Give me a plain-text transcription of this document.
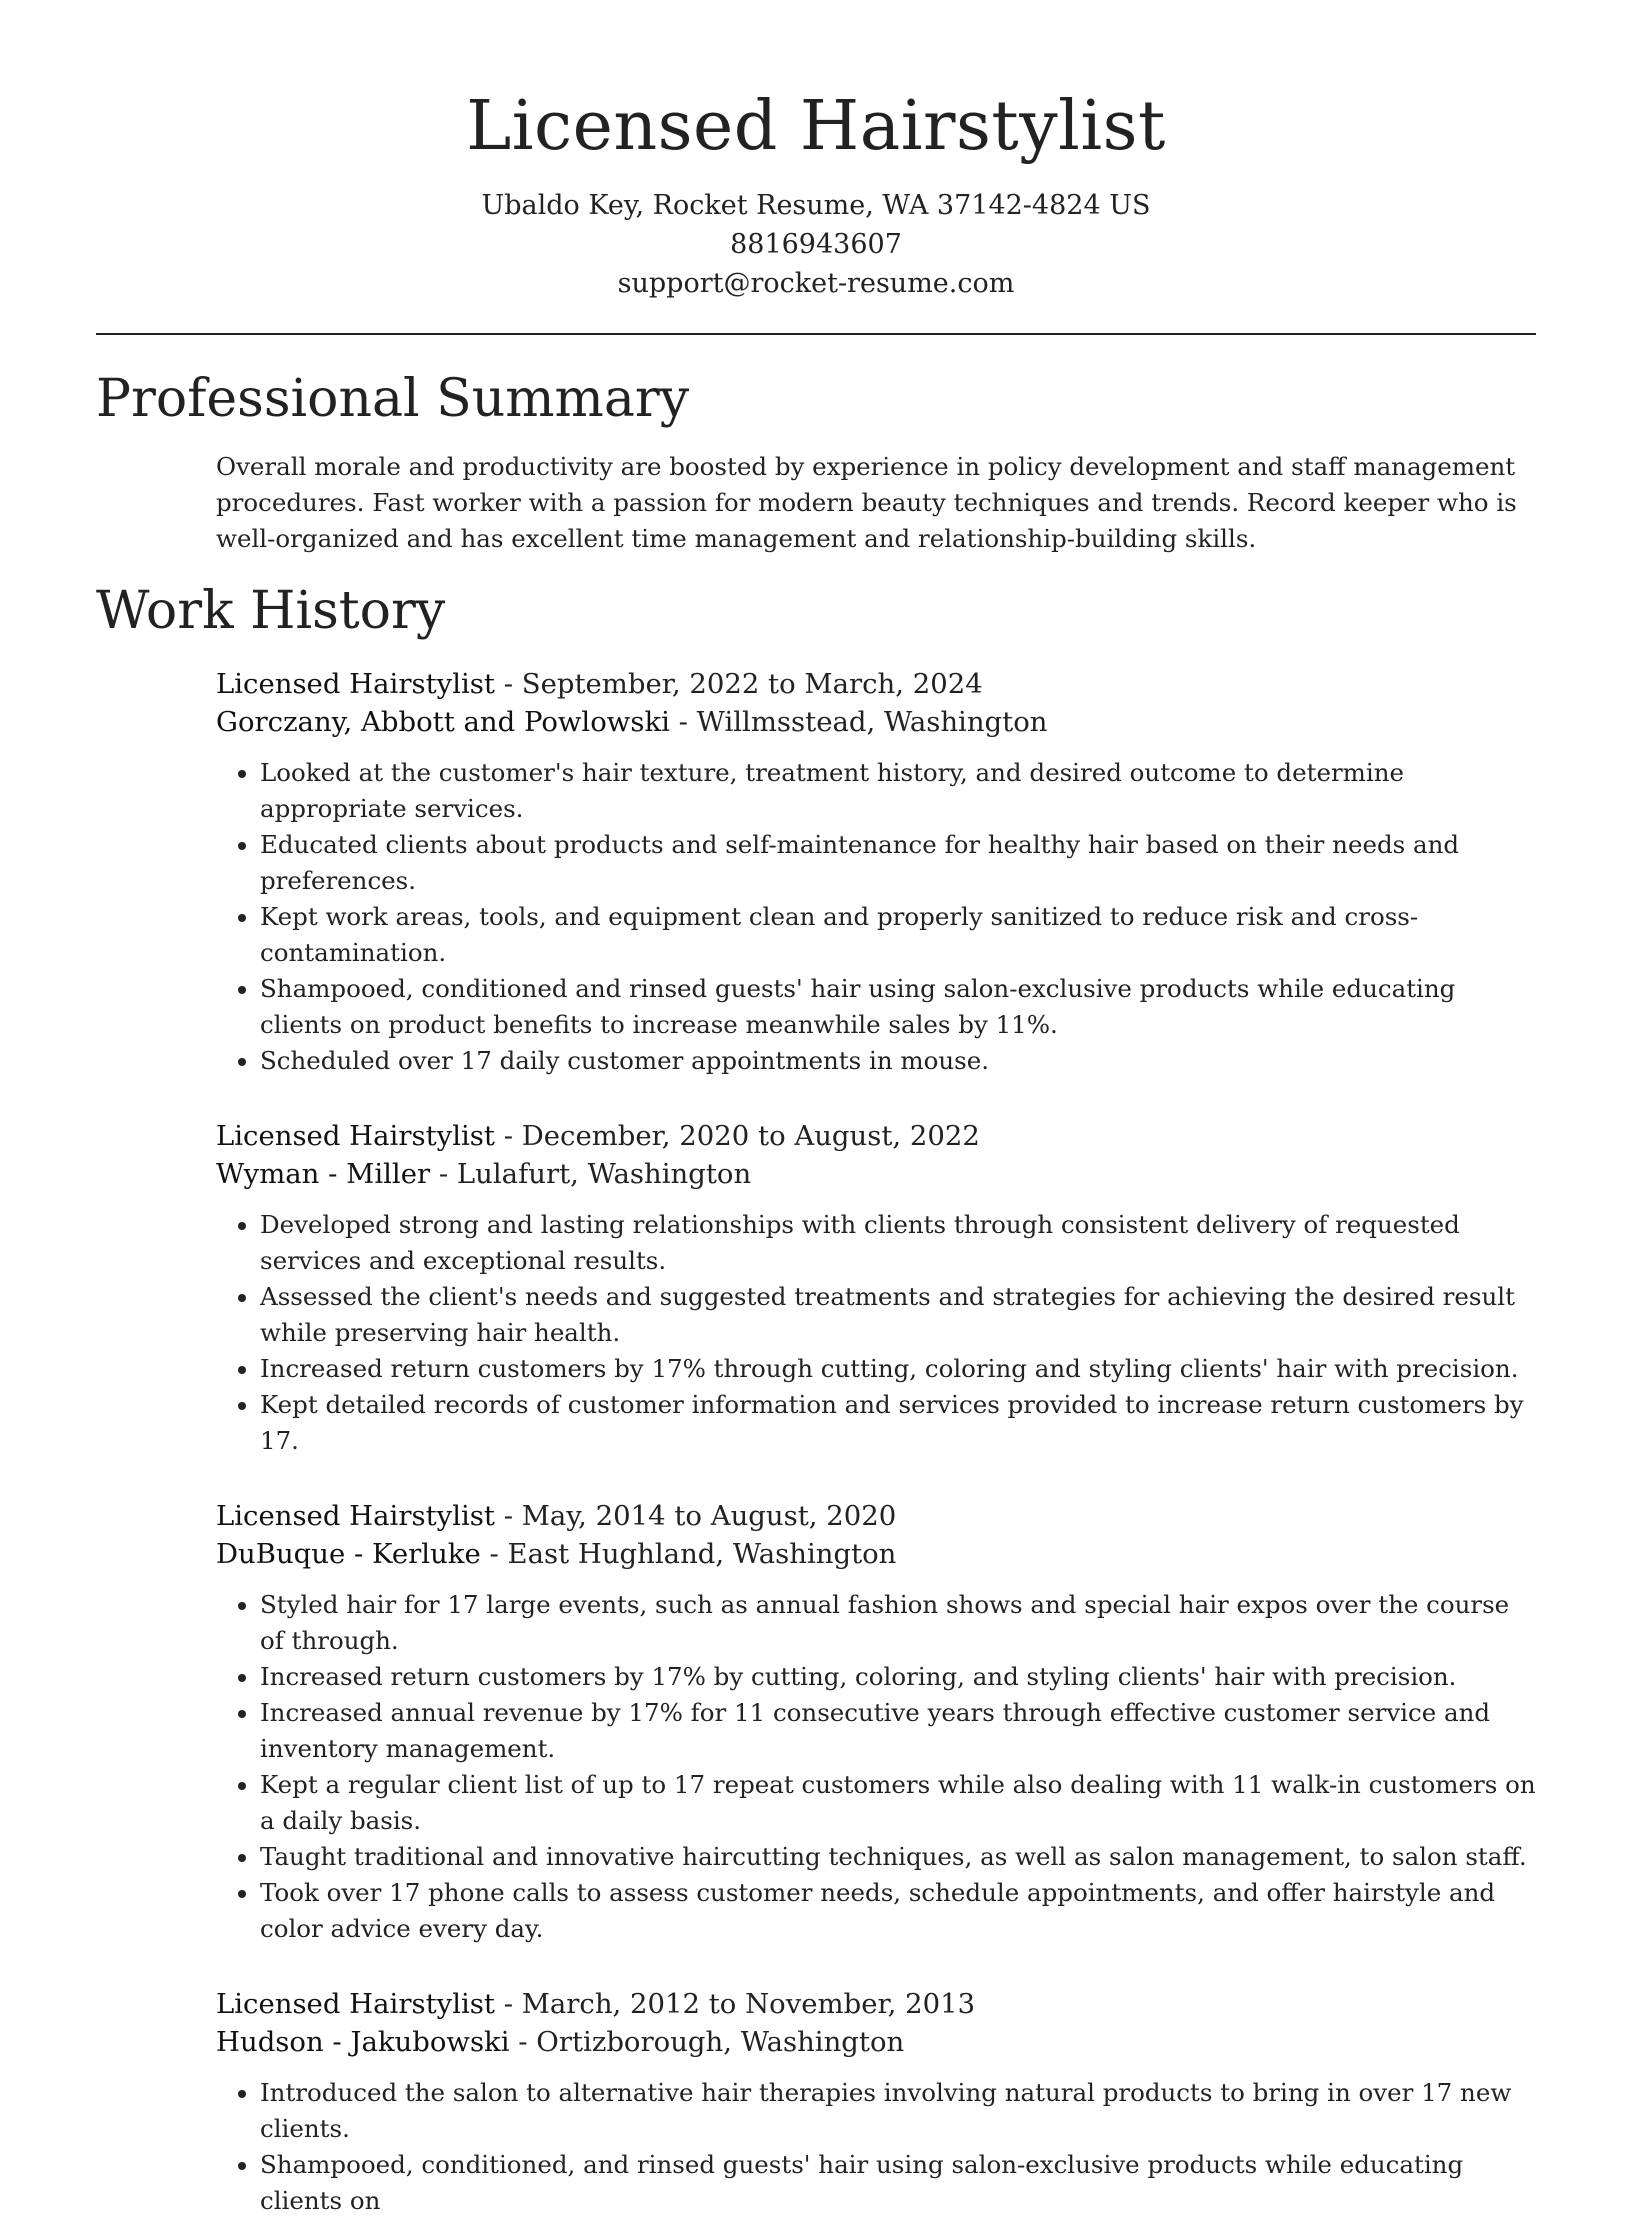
Licensed Hairstylist
Ubaldo Key, Rocket Resume, WA 37142-4824 US
8816943607
support@rocket-resume.com
Professional Summary

Overall morale and productivity are boosted by experience in policy development and staff management procedures. Fast worker with a passion for modern beauty techniques and trends. Record keeper who is well-organized and has excellent time management and relationship-building skills.

Work History
Licensed Hairstylist - September, 2022 to March, 2024
Gorczany, Abbott and Powlowski - Willmsstead, Washington
• Looked at the customer's hair texture, treatment history, and desired outcome to determine appropriate services.
• Educated clients about products and self-maintenance for healthy hair based on their needs and preferences.
• Kept work areas, tools, and equipment clean and properly sanitized to reduce risk and cross-contamination.
• Shampooed, conditioned and rinsed guests' hair using salon-exclusive products while educating clients on product benefits to increase meanwhile sales by 11%.
• Scheduled over 17 daily customer appointments in mouse.
Licensed Hairstylist - December, 2020 to August, 2022
Wyman - Miller - Lulafurt, Washington
• Developed strong and lasting relationships with clients through consistent delivery of requested services and exceptional results.
• Assessed the client's needs and suggested treatments and strategies for achieving the desired result while preserving hair health.
• Increased return customers by 17% through cutting, coloring and styling clients' hair with precision.
• Kept detailed records of customer information and services provided to increase return customers by 17.
Licensed Hairstylist - May, 2014 to August, 2020
DuBuque - Kerluke - East Hughland, Washington
• Styled hair for 17 large events, such as annual fashion shows and special hair expos over the course of through.
• Increased return customers by 17% by cutting, coloring, and styling clients' hair with precision.
• Increased annual revenue by 17% for 11 consecutive years through effective customer service and inventory management.
• Kept a regular client list of up to 17 repeat customers while also dealing with 11 walk-in customers on a daily basis.
• Taught traditional and innovative haircutting techniques, as well as salon management, to salon staff.
• Took over 17 phone calls to assess customer needs, schedule appointments, and offer hairstyle and color advice every day.
Licensed Hairstylist - March, 2012 to November, 2013
Hudson - Jakubowski - Ortizborough, Washington
• Introduced the salon to alternative hair therapies involving natural products to bring in over 17 new clients.
• Shampooed, conditioned, and rinsed guests' hair using salon-exclusive products while educating clients on
